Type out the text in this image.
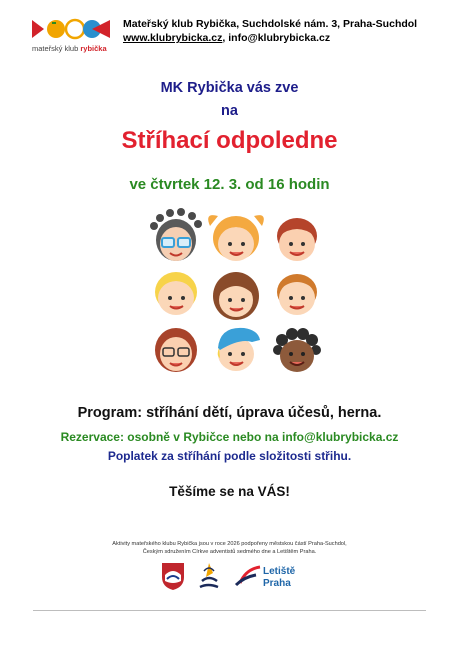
mateřský klub rybička
Mateřský klub Rybička, Suchdolské nám. 3, Praha-Suchdol
www.klubrybicka.cz, info@klubrybicka.cz
MK Rybička vás zve
na
Stříhací odpoledne
ve čtvrtek 12. 3. od 16 hodin
Program: stříhání dětí, úprava účesů, herna.
Rezervace: osobně v Rybičce nebo na info@klubrybicka.cz
Poplatek za stříhání podle složitosti střihu.
Těšíme se na VÁS!
Aktivity mateřského klubu Rybička jsou v roce 2026 podpořeny městskou částí Praha-Suchdol,
Českým sdružením Církve adventistů sedmého dne a Letištěm Praha.
Letiště
Praha
